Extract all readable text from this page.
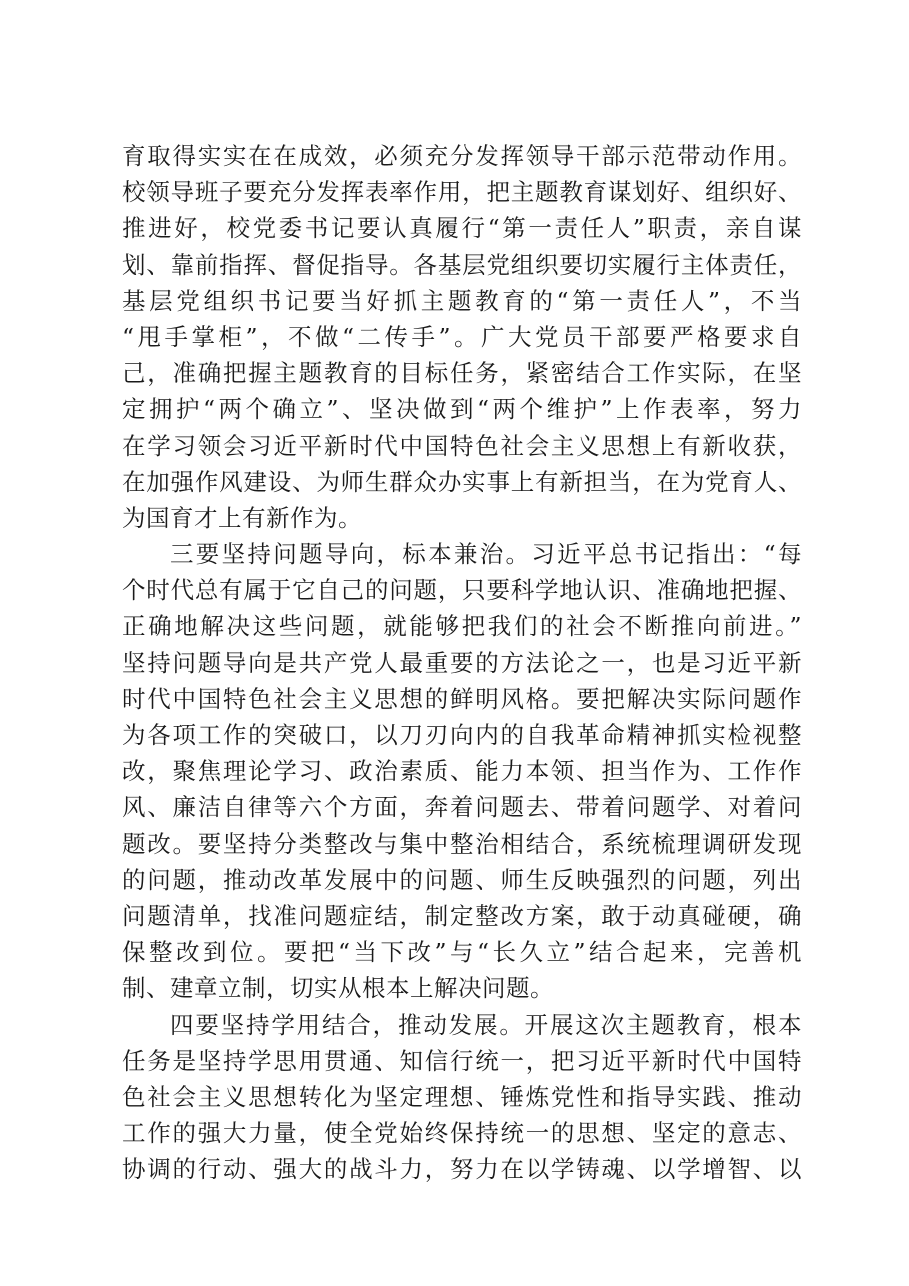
育取得实实在在成效，必须充分发挥领导干部示范带动作用。
校领导班子要充分发挥表率作用，把主题教育谋划好、组织好、
推进好，校党委书记要认真履行“第一责任人”职责，亲自谋
划、靠前指挥、督促指导。各基层党组织要切实履行主体责任，
基层党组织书记要当好抓主题教育的“第一责任人”，不当
“甩手掌柜”，不做“二传手”。广大党员干部要严格要求自
己，准确把握主题教育的目标任务，紧密结合工作实际，在坚
定拥护“两个确立”、坚决做到“两个维护”上作表率，努力
在学习领会习近平新时代中国特色社会主义思想上有新收获，
在加强作风建设、为师生群众办实事上有新担当，在为党育人、
为国育才上有新作为。
三要坚持问题导向，标本兼治。习近平总书记指出：“每
个时代总有属于它自己的问题，只要科学地认识、准确地把握、
正确地解决这些问题，就能够把我们的社会不断推向前进。”
坚持问题导向是共产党人最重要的方法论之一，也是习近平新
时代中国特色社会主义思想的鲜明风格。要把解决实际问题作
为各项工作的突破口，以刀刃向内的自我革命精神抓实检视整
改，聚焦理论学习、政治素质、能力本领、担当作为、工作作
风、廉洁自律等六个方面，奔着问题去、带着问题学、对着问
题改。要坚持分类整改与集中整治相结合，系统梳理调研发现
的问题，推动改革发展中的问题、师生反映强烈的问题，列出
问题清单，找准问题症结，制定整改方案，敢于动真碰硬，确
保整改到位。要把“当下改”与“长久立”结合起来，完善机
制、建章立制，切实从根本上解决问题。
四要坚持学用结合，推动发展。开展这次主题教育，根本
任务是坚持学思用贯通、知信行统一，把习近平新时代中国特
色社会主义思想转化为坚定理想、锤炼党性和指导实践、推动
工作的强大力量，使全党始终保持统一的思想、坚定的意志、
协调的行动、强大的战斗力，努力在以学铸魂、以学增智、以
